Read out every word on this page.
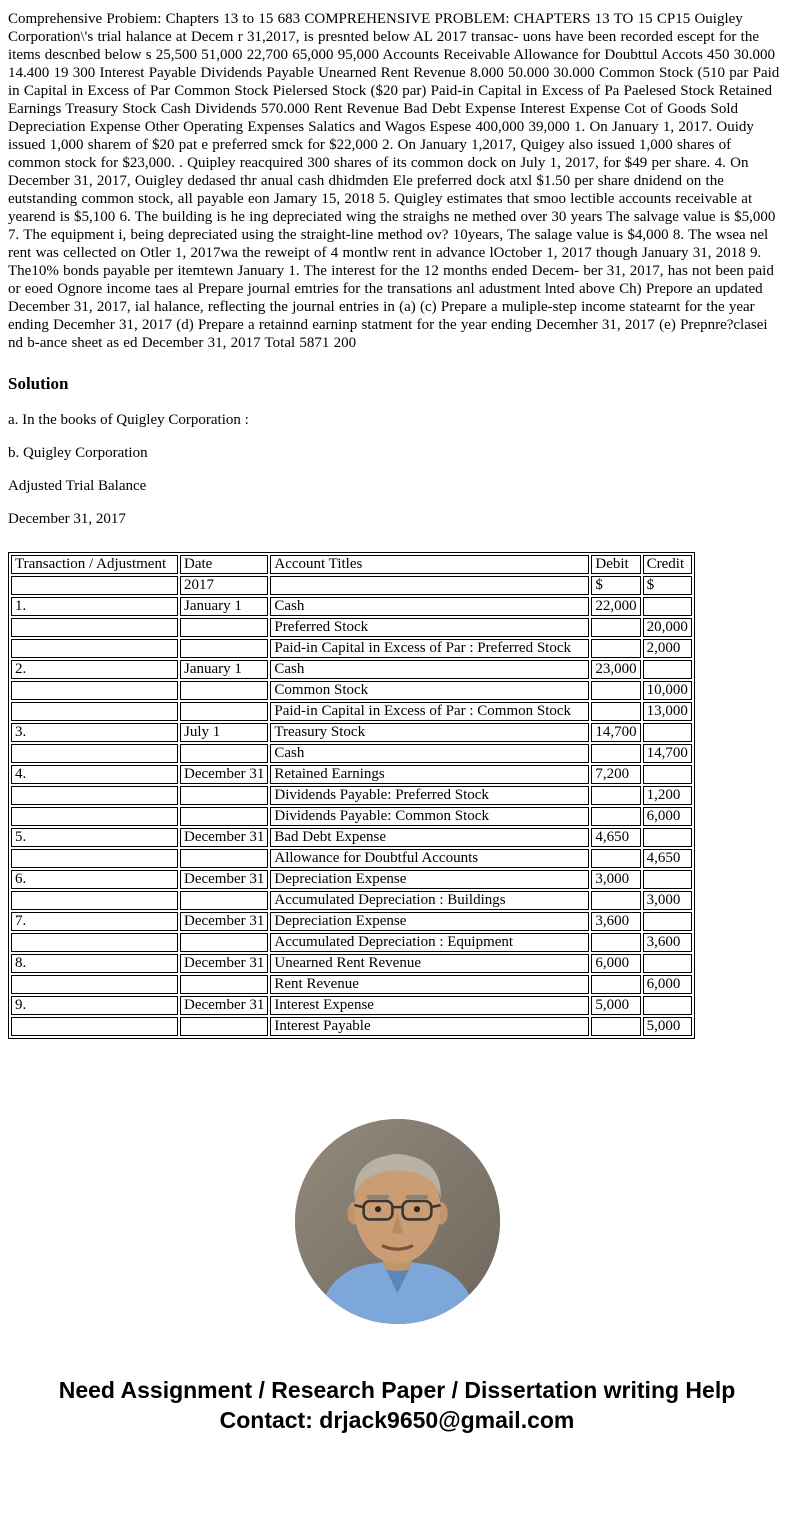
Comprehensive Probiem: Chapters 13 to 15 683 COMPREHENSIVE PROBLEM: CHAPTERS 13 TO 15 CP15 Ouigley Corporation\'s trial halance at Decem r 31,2017, is presnted below AL 2017 transac- uons have been recorded escept for the items descnbed below s 25,500 51,000 22,700 65,000 95,000 Accounts Receivable Allowance for Doubttul Accots 450 30.000 14.400 19 300 Interest Payable Dividends Payable Unearned Rent Revenue 8.000 50.000 30.000 Common Stock (510 par Paid in Capital in Excess of Par Common Stock Pielersed Stock ($20 par) Paid-in Capital in Excess of Pa Paelesed Stock Retained Earnings Treasury Stock Cash Dividends 570.000 Rent Revenue Bad Debt Expense Interest Expense Cot of Goods Sold Depreciation Expense Other Operating Expenses Salatics and Wagos Espese 400,000 39,000 1. On January 1, 2017. Ouidy issued 1,000 sharem of $20 pat e preferred smck for $22,000 2. On January 1,2017, Quigey also issued 1,000 shares of common stock for $23,000. . Quipley reacquired 300 shares of its common dock on July 1, 2017, for $49 per share. 4. On December 31, 2017, Ouigley dedased thr anual cash dhidmden Ele preferred dock atxl $1.50 per share dnidend on the eutstanding common stock, all payable eon Jamary 15, 2018 5. Quigley estimates that smoo lectible accounts receivable at yearend is $5,100 6. The building is he ing depreciated wing the straighs ne methed over 30 years The salvage value is $5,000 7. The equipment i, being depreciated using the straight-line method ov? 10years, The salage value is $4,000 8. The wsea nel rent was cellected on Otler 1, 2017wa the reweipt of 4 montlw rent in advance lOctober 1, 2017 though January 31, 2018 9. The10% bonds payable per itemtewn January 1. The interest for the 12 months ended Decem- ber 31, 2017, has not been paid or eoed Ognore income taes al Prepare journal emtries for the transations anl adustment lnted above Ch) Prepore an updated December 31, 2017, ial halance, reflecting the journal entries in (a) (c) Prepare a muliple-step income statearnt for the year ending Decemher 31, 2017 (d) Prepare a retainnd earninp statment for the year ending Decemher 31, 2017 (e) Prepnre?clasei nd b-ance sheet as ed December 31, 2017 Total 5871 200

Solution

a. In the books of Quigley Corporation :

b. Quigley Corporation

Adjusted Trial Balance

December 31, 2017

Transaction / Adjustment	Date	Account Titles	Debit	Credit
	2017		$	$
1.	January 1	Cash	22,000	
		Preferred Stock		20,000
		Paid-in Capital in Excess of Par : Preferred Stock		2,000
2.	January 1	Cash	23,000	
		Common Stock		10,000
		Paid-in Capital in Excess of Par : Common Stock		13,000
3.	July 1	Treasury Stock	14,700	
		Cash		14,700
4.	December 31	Retained Earnings	7,200	
		Dividends Payable: Preferred Stock		1,200
		Dividends Payable: Common Stock		6,000
5.	December 31	Bad Debt Expense	4,650	
		Allowance for Doubtful Accounts		4,650
6.	December 31	Depreciation Expense	3,000	
		Accumulated Depreciation : Buildings		3,000
7.	December 31	Depreciation Expense	3,600	
		Accumulated Depreciation : Equipment		3,600
8.	December 31	Unearned Rent Revenue	6,000	
		Rent Revenue		6,000
9.	December 31	Interest Expense	5,000	
		Interest Payable		5,000
Need Assignment / Research Paper / Dissertation writing Help
Contact: drjack9650@gmail.com
